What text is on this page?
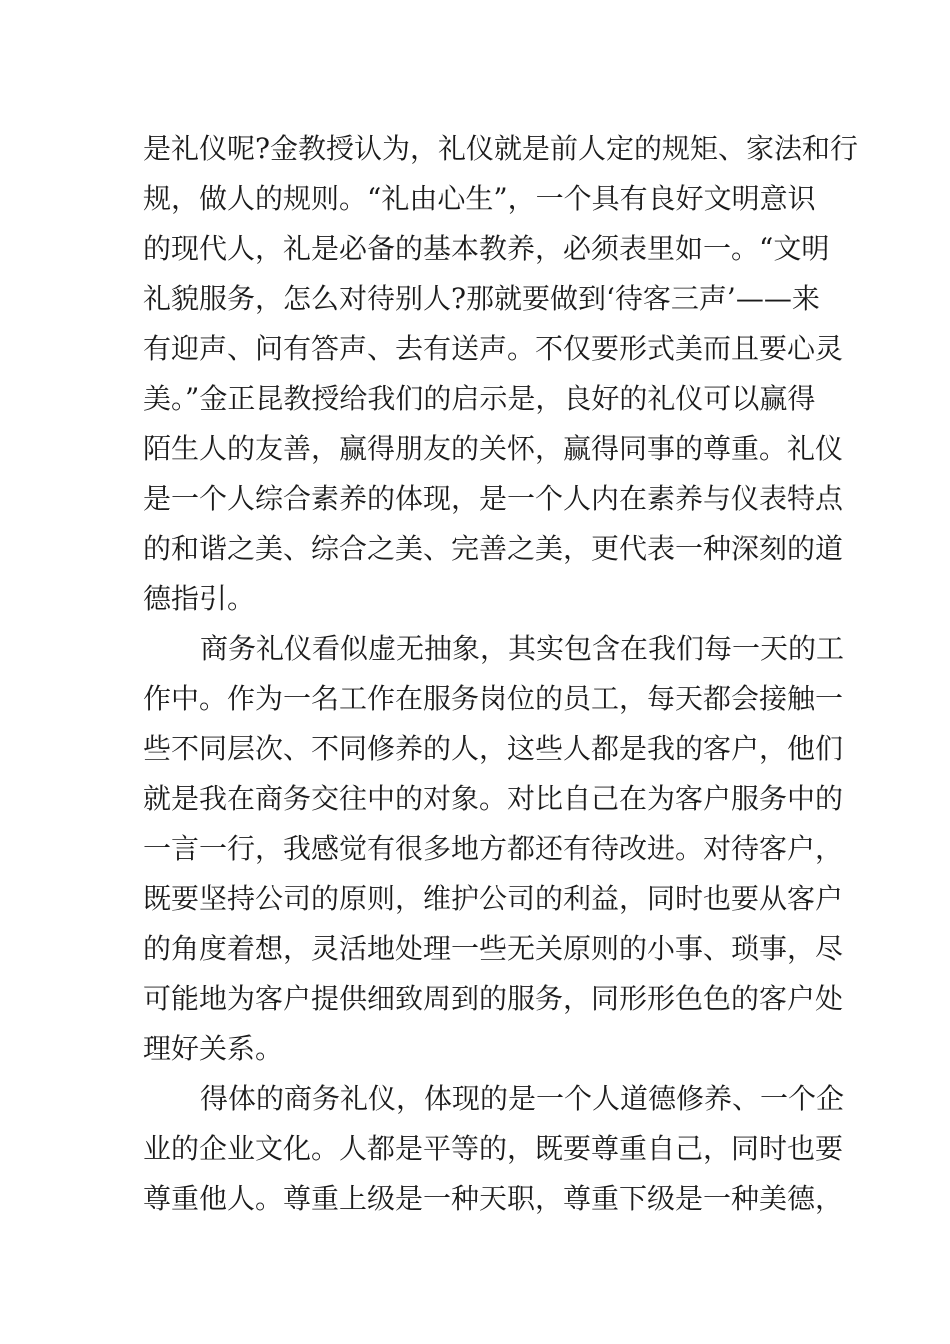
是礼仪呢?金教授认为，礼仪就是前人定的规矩、家法和行

规，做人的规则。“礼由心生”，一个具有良好文明意识

的现代人，礼是必备的基本教养，必须表里如一。“文明

礼貌服务，怎么对待别人?那就要做到‘待客三声’——来

有迎声、问有答声、去有送声。不仅要形式美而且要心灵

美。”金正昆教授给我们的启示是，良好的礼仪可以赢得

陌生人的友善，赢得朋友的关怀，赢得同事的尊重。礼仪

是一个人综合素养的体现，是一个人内在素养与仪表特点

的和谐之美、综合之美、完善之美，更代表一种深刻的道

德指引。

商务礼仪看似虚无抽象，其实包含在我们每一天的工

作中。作为一名工作在服务岗位的员工，每天都会接触一

些不同层次、不同修养的人，这些人都是我的客户，他们

就是我在商务交往中的对象。对比自己在为客户服务中的

一言一行，我感觉有很多地方都还有待改进。对待客户，

既要坚持公司的原则，维护公司的利益，同时也要从客户

的角度着想，灵活地处理一些无关原则的小事、琐事，尽

可能地为客户提供细致周到的服务，同形形色色的客户处

理好关系。

得体的商务礼仪，体现的是一个人道德修养、一个企

业的企业文化。人都是平等的，既要尊重自己，同时也要

尊重他人。尊重上级是一种天职，尊重下级是一种美德，
